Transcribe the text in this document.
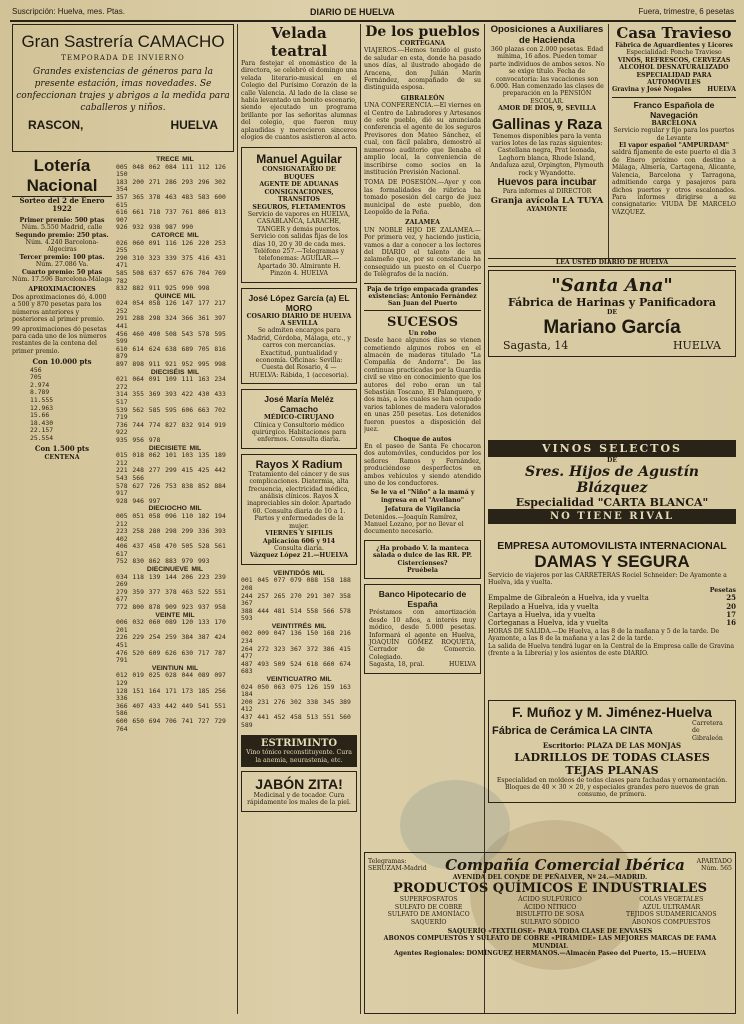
Suscripción: Huelva, mes. Ptas.	DIARIO DE HUELVA	Fuera, trimestre, 6 pesetas
Gran Sastrería CAMACHO
TEMPORADA DE INVIERNO
Grandes existencias de géneros para la presente estación, imas novedades. Se confeccionan trajes y abrigos a la medida para caballeros y niños.
RASCON,	HUELVA
Lotería Nacional
Sorteo del 2 de Enero 1922
Primer premio: 500 ptas
Núm. 5.550 Madrid, calle
Segundo premio: 250 ptas.
Núm. 4.240 Barcelona-Algeciras
Tercer premio: 100 ptas.
Núm. 27.086 Va.
Cuarto premio: 50 ptas
Núm. 17.596 Barcelona-Málaga
APROXIMACIONES
Dos aproximaciones dó, 4.000 a 500 y 870 pesetas para los números anteriores y posteriores al primer premio.
99 aproximaciones dó pesetas para cada uno de los números restantes de la centena del primer premio.
Con 10.000 pts
456
705
2.974
8.789
11.555
12.963
15.66
18.430
22.157
25.554
Con 1.500 pts
CENTENA
TRECE MIL
005 048 062 084 111 112 126 150
183 200 271 286 293 296 302 354
357 365 378 463 483 583 600 615
616 661 718 737 761 806 813 907
926 932 938 987 990
CATORCE MIL
026 060 091 116 126 220 253 255
290 310 323 339 375 416 431 471
585 508 637 657 676 704 769 782
832 882 911 925 990 998
QUINCE MIL
024 054 058 126 147 177 217 252
291 288 298 324 366 361 397 441
456 460 490 508 543 578 595 599
610 614 624 638 689 705 816 879
897 898 911 921 952 995 998
DIECISÉIS MIL
021 064 091 109 111 163 234 272
314 355 369 393 422 430 433 517
539 562 585 595 606 663 702 719
736 744 774 827 832 914 919 922
935 956 978
DIECISIETE MIL
015 018 062 101 103 135 189 212
221 248 277 299 415 425 442 543 566
578 627 726 753 838 852 884 917
928 946 997
DIECIOCHO MIL
005 051 058 096 110 182 194 212
223 258 280 298 299 336 393 402
406 437 458 470 505 528 561 617
752 830 862 883 979 993
DIECINUEVE MIL
034 118 139 144 206 223 239 269
279 359 377 378 463 522 551 677
772 800 878 909 923 937 958
VEINTE MIL
006 032 060 089 120 133 170 201
226 229 254 259 384 387 424 451
476 520 609 626 630 717 787 791
VEINTIUN MIL
012 019 025 028 044 089 097 129
128 151 164 171 173 185 256 336
366 407 433 442 449 541 551 586
600 650 694 706 741 727 729 764
Velada teatral
Para festejar el onomástico de la directora, se celebró el domingo una velada literario-musical en el Colegio del Purísimo Corazón de la calle Valencia. Al lado de la clase se había levantado un bonito escenario, siendo ejecutado un programa brillante por las señoritas alumnas del colegio, que fueron muy aplaudidas y merecieron sinceros elogios de cuantos asistieron al acto.
Manuel Aguilar
CONSIGNATARIO DE BUQUES
AGENTE DE ADUANAS
CONSIGNACIONES, TRANSITOS
SEGUROS, FLETAMENTOS
Servicio de vapores en HUELVA, CASABLANCA, LARACHE, TANGER y demás puertos. Servicio con salidas fijas de los días 10, 20 y 30 de cada mes. Teléfono 257.—Telegramas y telefonemas: AGUILAR.—Apartado 30. Almirante H. Pinzón 4. HUELVA
José López García (a) EL MORO
COSARIO DIARIO DE HUELVA A SEVILLA
Se admiten encargos para Madrid, Córdoba, Málaga, etc., y carros con mercancías. Exactitud, puntualidad y economía. Oficinas: Sevilla: Cuesta del Rosario, 4 — HUELVA: Rábida, 1 (accesoria).
José María Meléz Camacho
MÉDICO-CIRUJANO
Clínica y Consultorio médico quirúrgico. Habitaciones para enfermos. Consulta diaria.
Rayos X Radium
Tratamiento del cáncer y de sus complicaciones. Diatermia, alta frecuencia, electricidad médica, análisis clínicos. Rayos X inapreciables sin dolor. Apartado 60. Consulta diaria de 10 a 1.
Partos y enfermedades de la mujer.
VIERNES Y SIFILIS
Aplicación 606 y 914
Consulta diaria.
Vázquez López 21.—HUELVA
VEINTIDÓS MIL
001 045 077 079 088 158 188 208
244 257 265 270 291 307 358 367
388 444 481 514 558 566 578 593
VEINTITRÉS MIL
002 009 047 136 150 168 216 234
264 272 323 367 372 386 415 477
487 493 509 524 618 660 674 683
VEINTICUATRO MIL
024 050 063 075 126 159 163 184
200 231 276 302 338 345 389 412
437 441 452 458 513 551 560 589
ESTRIMINTO
Vino tónico reconstituyente. Cura la anemia, neurastenia, etc.
JABÓN ZITA!
Medicinal y de tocador. Cura rápidamente los males de la piel.
De los pueblos
CORTEGANA
VIAJEROS.—Hemos tenido el gusto de saludar en esta, donde ha pasado unos días, al ilustrado abogado de Aracena, don Julián Marín Fernández, acompañado de su distinguida esposa.
GIBRALEÓN
UNA CONFERENCIA.—El viernes en el Centro de Labradores y Artesanos de este pueblo, dió su anunciada conferencia el agente de los seguros Previsores don Mateo Sánchez, el cual, con fácil palabra, demostró al numeroso auditorio que llenaba el amplio local, la conveniencia de inscribirse como socios en la institución Previsión Nacional.
TOMA DE POSESIÓN.—Ayer y con las formalidades de rúbrica ha tomado posesión del cargo de juez municipal de este pueblo, don Leopoldo de la Peña.
ZALAMEA
UN NOBLE HIJO DE ZALAMEA.—Por primera vez, y haciendo justicia, vamos a dar a conocer a los lectores del DIARIO el talento de un zalameño que, por su constancia ha conseguido un puesto en el Cuerpo de Telégrafos de la nación.
Paja de trigo empacada grandes existencias: Antonio Fernández San Juan del Puerto
SUCESOS
Un robo
Desde hace algunos días se vienen cometiendo algunos robos en el almacén de maderas titulado "La Compañía de Andorra". De las continuas practicadas por la Guardia civil se vino en conocimiento que los autores del robo eran un tal Sebastián Toscano, El Palanquero, y dos más, a los cuales se han ocupado varios tablones de madera valorados en unas 250 pesetas. Los detenidos fueron puestos a disposición del juez.
Choque de autos
En el paseo de Santa Fe chocaron dos automóviles, conducidos por los señores Ramos y Fernández, produciéndose desperfectos en ambos vehículos y siendo atendido uno de los conductores.
Se le va el "Niño" a la mamá y ingresa en el "Avellano"
Jefatura de Vigilancia
Detenidos.—Joaquín Ramírez, Manuel Lozano, por no llevar el documento necesario.
¿Ha probado V. la manteca salada o dulce de las RR. PP. Cistercienses?
Pruébela
Banco Hipotecario de España
Préstamos con amortización desde 10 años, a interés muy módico, desde 5.000 pesetas. Informará el agente en Huelva, JOAQUÍN GÓMEZ ROQUETA, Cerrador de Comercio. Colegiado.
Sagasta, 18, pral.	HUELVA
Oposiciones a Auxiliares de Hacienda
360 plazas con 2.000 pesetas. Edad mínima, 16 años. Pueden tomar parte individuos de ambos sexos. No se exige título. Fecha de convocatoria: las vacaciones son 6.000. Han comenzado las clases de preparación en la PENSIÓN ESCOLAR.
AMOR DE DIOS, 9, SEVILLA
Gallinas y Raza
Tenemos disponibles para la venta varios lotes de las razas siguientes: Castellana negra, Prat leonada, Leghorn blanca, Rhode Island, Andaluza azul, Orpington, Plymouth rock y Wyandotte.
Huevos para incubar
Para informes al DIRECTOR
Granja avícola LA TUYA
AYAMONTE
Casa Travieso
Fábrica de Aguardientes y Licores
Especialidad: Ponche Travieso
VINOS, REFRESCOS, CERVEZAS
ALCOHOL DESNATURALIZADO
ESPECIALIDAD PARA AUTOMÓVILES
Gravina y José Nogales	HUELVA
Franco Española de Navegación
BARCELONA
Servicio regular y fijo para los puertos de Levante
El vapor español "AMPURDAM"
saldrá fijamente de este puerto el día 3 de Enero próximo con destino a Málaga, Almería, Cartagena, Alicante, Valencia, Barcelona y Tarragona, admitiendo carga y pasajeros para dichos puertos y otros escalonados. Para informes dirigirse a su consignatario: VIUDA DE MARCELO VÁZQUEZ.
LEA USTED DIARIO DE HUELVA
"Santa Ana"
Fábrica de Harinas y Panificadora
DE
Mariano García
Sagasta, 14	HUELVA
VINOS SELECTOS
DE
Sres. Hijos de Agustín Blázquez
Especialidad "CARTA BLANCA"
NO TIENE RIVAL
EMPRESA AUTOMOVILISTA INTERNACIONAL
DAMAS Y SEGURA
Servicio de viajeros por las CARRETERAS Rociel Schneider: De Ayamonte a Huelva, ida y vuelta.
Pesetas
Empalme de Gibraleón a Huelva, ida y vuelta	25
Repilado a Huelva, ida y vuelta	20
Cartaya a Huelva, ida y vuelta	17
Corteganas a Huelva, ida y vuelta	16
HORAS DE SALIDA.—De Huelva, a las 8 de la mañana y 5 de la tarde. De Ayamonte, a las 8 de la mañana y a las 2 de la tarde.
La salida de Huelva tendrá lugar en la Central de la Empresa calle de Gravina (frente a la Librería) y los asientos de este DIARIO.
F. Muñoz y M. Jiménez-Huelva
Fábrica de Cerámica LA CINTA
Carretera de Gibraleón
Escritorio: PLAZA DE LAS MONJAS
LADRILLOS DE TODAS CLASES
TEJAS PLANAS
Especialidad en moldeos de todas clases para fachadas y ornamentación. Bloques de 40 × 30 × 20, y especiales grandes pero nuevos de gran consumo, de primera.
Telegramas: SERUZAM-Madrid	Compañía Comercial Ibérica	APARTADO Núm. 565
AVENIDA DEL CONDE DE PEÑALVER, Nº 24.—MADRID.
PRODUCTOS QUÍMICOS E INDUSTRIALES
SUPERFOSFATOS	ÁCIDO SULFÚRICO	COLAS VEGETALES
SULFATO DE COBRE	ÁCIDO NÍTRICO	AZUL ULTRAMAR
SULFATO DE AMONÍACO	BISULFITO DE SOSA	TEJIDOS SUDAMERICANOS
SAQUERÍO	SULFATO SÓDICO	ABONOS COMPUESTOS
SAQUERÍO «TEXTILOSE» PARA TODA CLASE DE ENVASES
ABONOS COMPUESTOS Y SULFATO DE COBRE «PIRÁMIDE» LAS MEJORES MARCAS DE FAMA MUNDIAL
Agentes Regionales: DOMÍNGUEZ HERMANOS.—Almacén Paseo del Puerto, 15.—HUELVA
